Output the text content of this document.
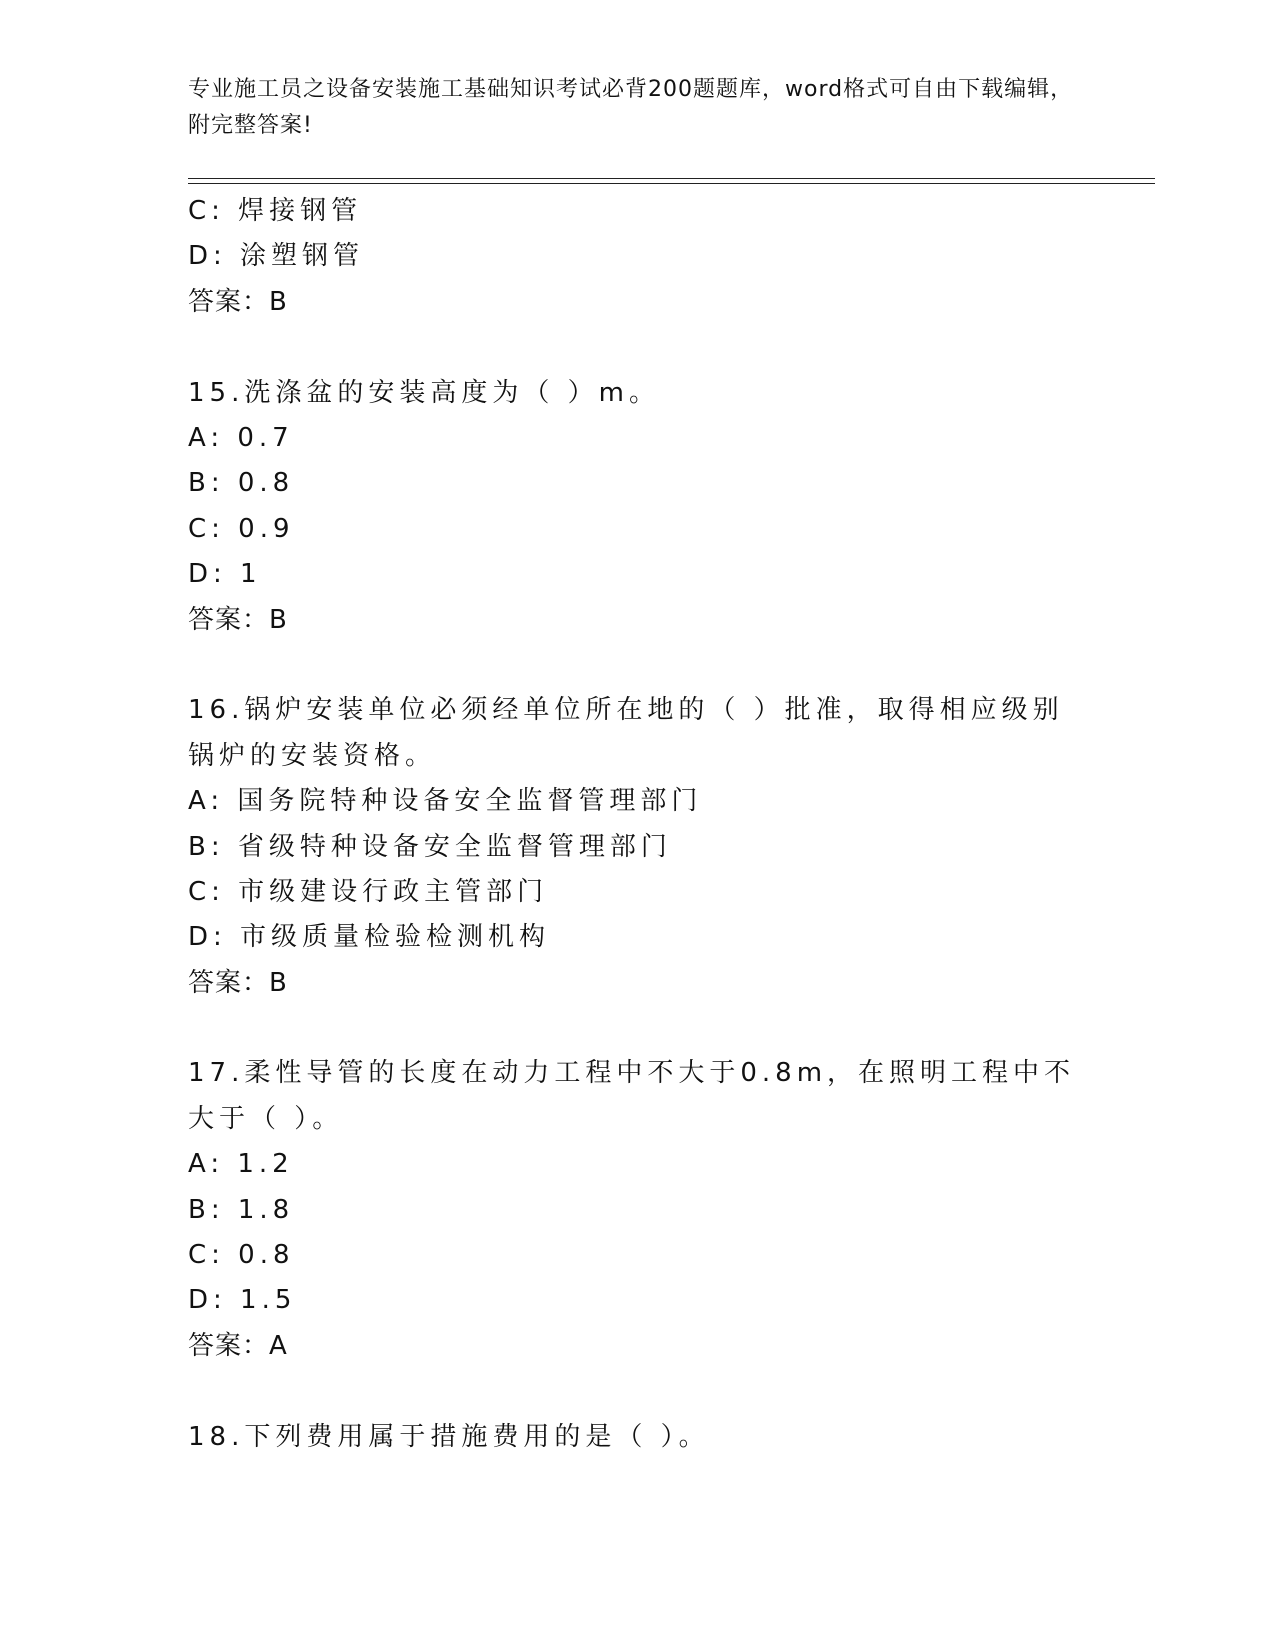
专业施工员之设备安装施工基础知识考试必背200题题库，word格式可自由下载编辑，附完整答案!
C: 焊接钢管
D: 涂塑钢管
答案：B
15.洗涤盆的安装高度为（ ）m。
A: 0.7
B: 0.8
C: 0.9
D: 1
答案：B
16.锅炉安装单位必须经单位所在地的（ ）批准，取得相应级别锅炉的安装资格。
A: 国务院特种设备安全监督管理部门
B: 省级特种设备安全监督管理部门
C: 市级建设行政主管部门
D: 市级质量检验检测机构
答案：B
17.柔性导管的长度在动力工程中不大于0.8m，在照明工程中不大于（ ）。
A: 1.2
B: 1.8
C: 0.8
D: 1.5
答案：A
18.下列费用属于措施费用的是（ ）。
